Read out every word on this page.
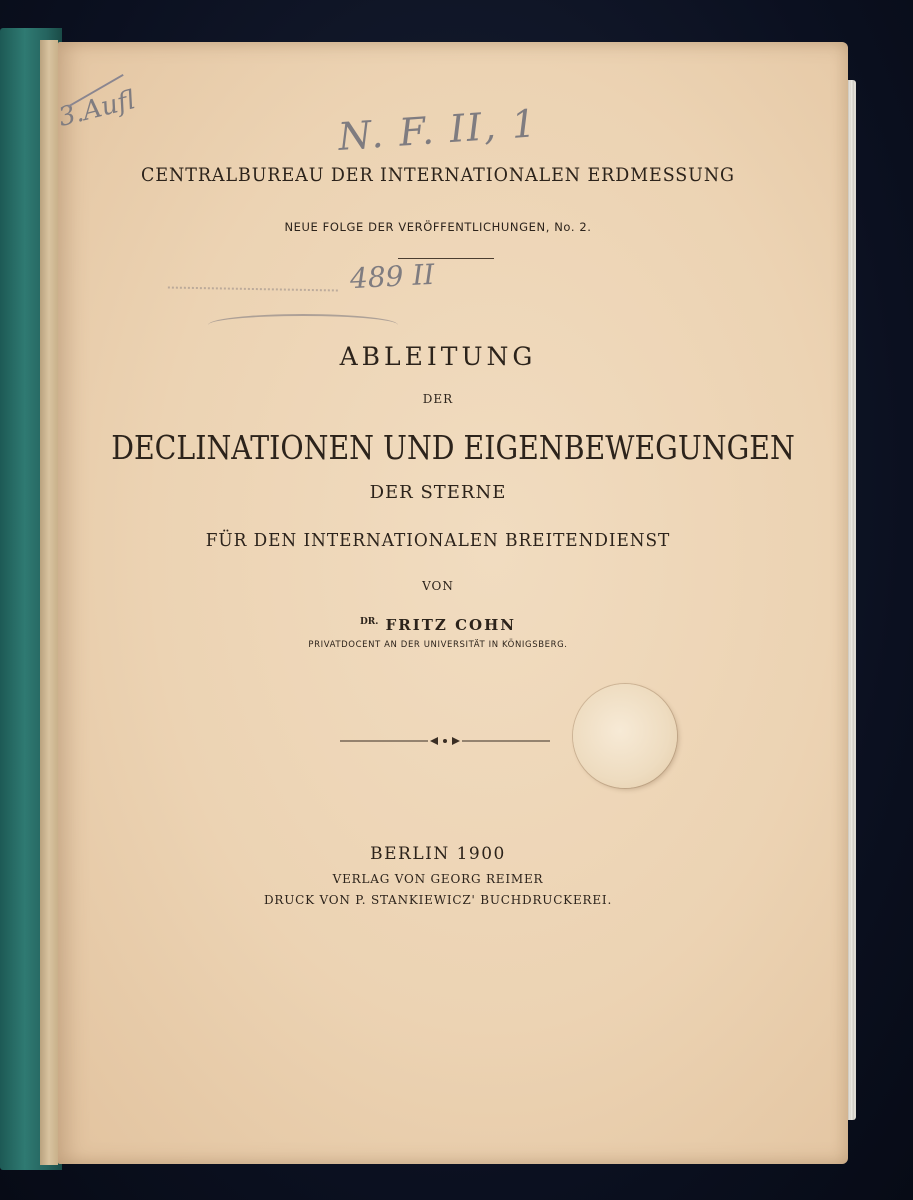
3.Aufl	N. F. II, 1
489 II
CENTRALBUREAU DER INTERNATIONALEN ERDMESSUNG
NEUE FOLGE DER VERÖFFENTLICHUNGEN, No. 2.
ABLEITUNG
DER
DECLINATIONEN UND EIGENBEWEGUNGEN
DER STERNE
FÜR DEN INTERNATIONALEN BREITENDIENST
VON
$^{DR.}$ FRITZ COHN
PRIVATDOCENT AN DER UNIVERSITÄT IN KÖNIGSBERG.
BERLIN 1900
VERLAG VON GEORG REIMER
DRUCK VON P. STANKIEWICZ' BUCHDRUCKEREI.
